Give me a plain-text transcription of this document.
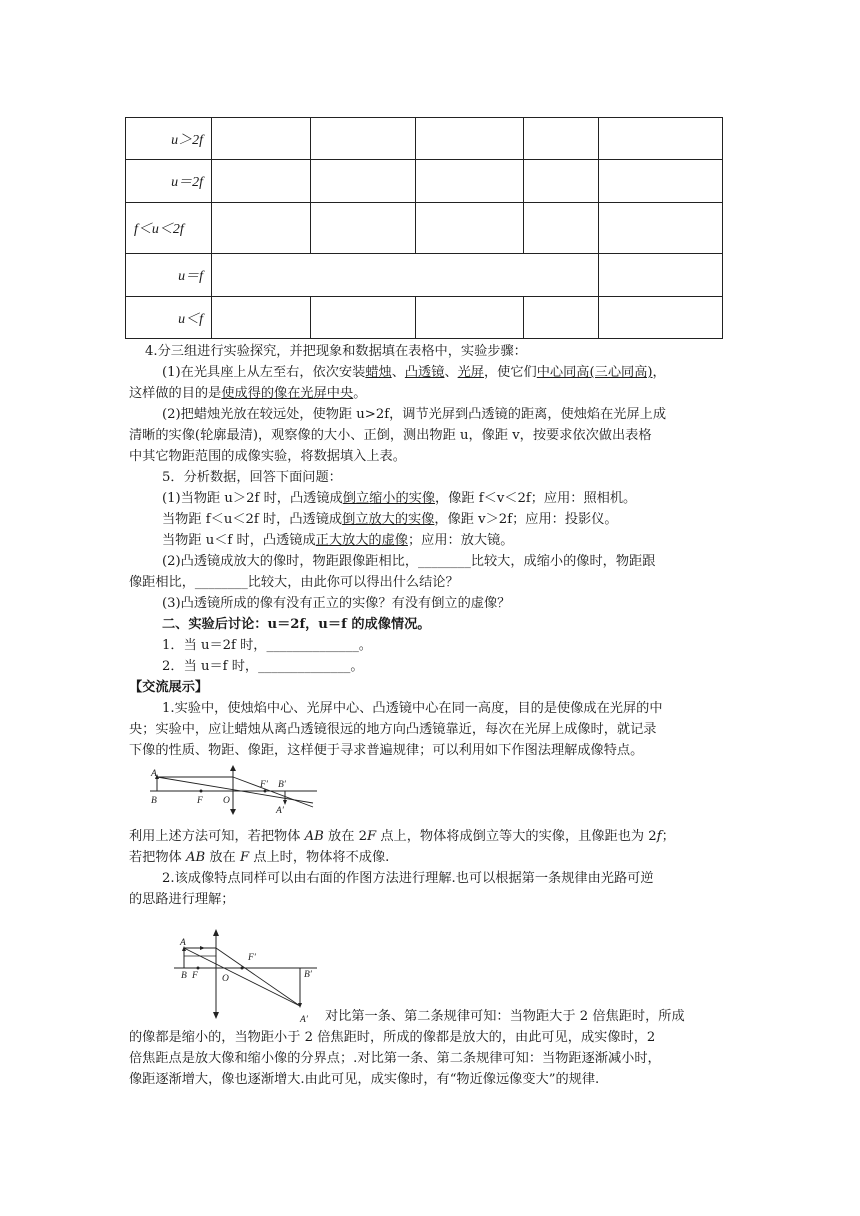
u＞2f					
u＝2f					
f＜u＜2f					
u＝f					
u＜f					
4.分三组进行实验探究，并把现象和数据填在表格中，实验步骤：
(1)在光具座上从左至右，依次安装蜡烛、凸透镜、光屏，使它们中心同高(三心同高)，
这样做的目的是使成得的像在光屏中央。
(2)把蜡烛光放在较远处，使物距 u>2f，调节光屏到凸透镜的距离，使烛焰在光屏上成
清晰的实像(轮廓最清)，观察像的大小、正倒，测出物距 u，像距 v，按要求依次做出表格
中其它物距范围的成像实验，将数据填入上表。
5．分析数据，回答下面问题：
(1)当物距 u＞2f 时，凸透镜成倒立缩小的实像，像距 f＜v＜2f；应用：照相机。
当物距 f＜u＜2f 时，凸透镜成倒立放大的实像，像距 v＞2f；应用：投影仪。
当物距 u＜f 时，凸透镜成正大放大的虚像；应用：放大镜。
(2)凸透镜成放大的像时，物距跟像距相比，________比较大，成缩小的像时，物距跟
像距相比，________比较大，由此你可以得出什么结论？
(3)凸透镜所成的像有没有正立的实像？有没有倒立的虚像？
二、实验后讨论：u＝2f，u＝f 的成像情况。
1．当 u＝2f 时，______________。
2．当 u＝f 时，______________。
【交流展示】
1.实验中，使烛焰中心、光屏中心、凸透镜中心在同一高度，目的是使像成在光屏的中
央；实验中，应让蜡烛从离凸透镜很远的地方向凸透镜靠近，每次在光屏上成像时，就记录
下像的性质、物距、像距，这样便于寻求普遍规律；可以利用如下作图法理解成像特点。
A
B	F O
F′ B′
A′
利用上述方法可知，若把物体 AB 放在 2F 点上，物体将成倒立等大的实像，且像距也为 2f；
若把物体 AB 放在 F 点上时，物体将不成像.
2.该成像特点同样可以由右面的作图方法进行理解.也可以根据第一条规律由光路可逆
的思路进行理解；
A
B F	O
F′
B′
A′ 对比第一条、第二条规律可知：当物距大于 2 倍焦距时，所成
的像都是缩小的，当物距小于 2 倍焦距时，所成的像都是放大的，由此可见，成实像时，2
倍焦距点是放大像和缩小像的分界点；.对比第一条、第二条规律可知：当物距逐渐减小时，
像距逐渐增大，像也逐渐增大.由此可见，成实像时，有“物近像远像变大”的规律.
